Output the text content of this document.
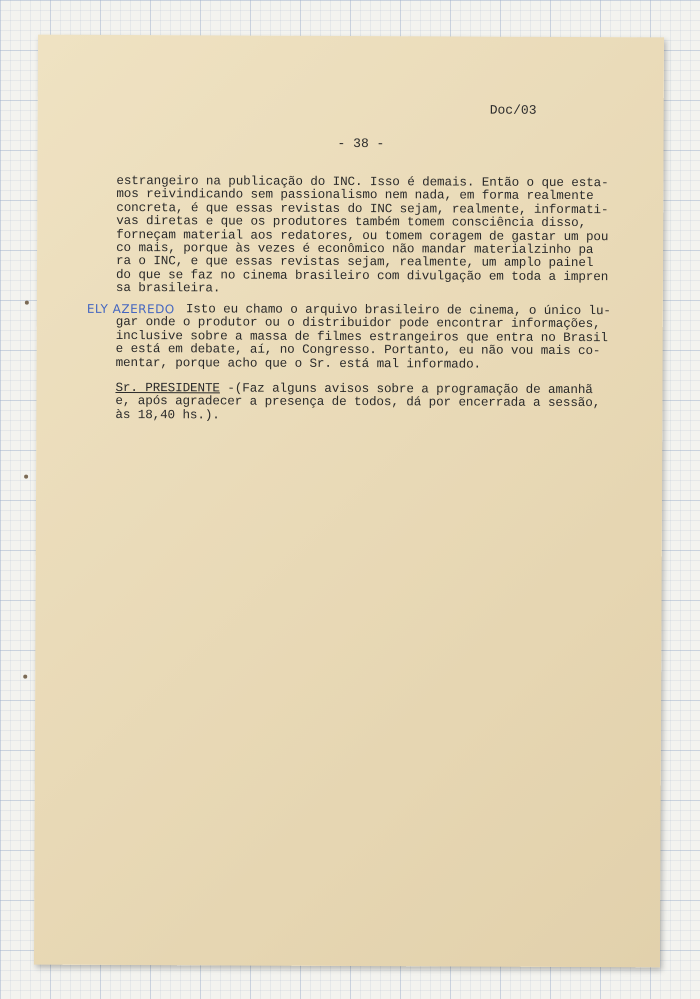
Doc/03
- 38 -
estrangeiro na publicação do INC. Isso é demais. Então o que esta-
mos reivindicando sem passionalismo nem nada, em forma realmente
concreta, é que essas revistas do INC sejam, realmente, informati-
vas diretas e que os produtores também tomem consciência disso,
forneçam material aos redatores, ou tomem coragem de gastar um pou
co mais, porque às vezes é econômico não mandar materialzinho pa
ra o INC, e que essas revistas sejam, realmente, um amplo painel
do que se faz no cinema brasileiro com divulgação em toda a impren
sa brasileira.
ELY AZEREDO Isto eu chamo o arquivo brasileiro de cinema, o único lu-
gar onde o produtor ou o distribuidor pode encontrar informações,
inclusive sobre a massa de filmes estrangeiros que entra no Brasil
e está em debate, aí, no Congresso. Portanto, eu não vou mais co-
mentar, porque acho que o Sr. está mal informado.
Sr. PRESIDENTE -(Faz alguns avisos sobre a programação de amanhã
e, após agradecer a presença de todos, dá por encerrada a sessão,
às 18,40 hs.).
